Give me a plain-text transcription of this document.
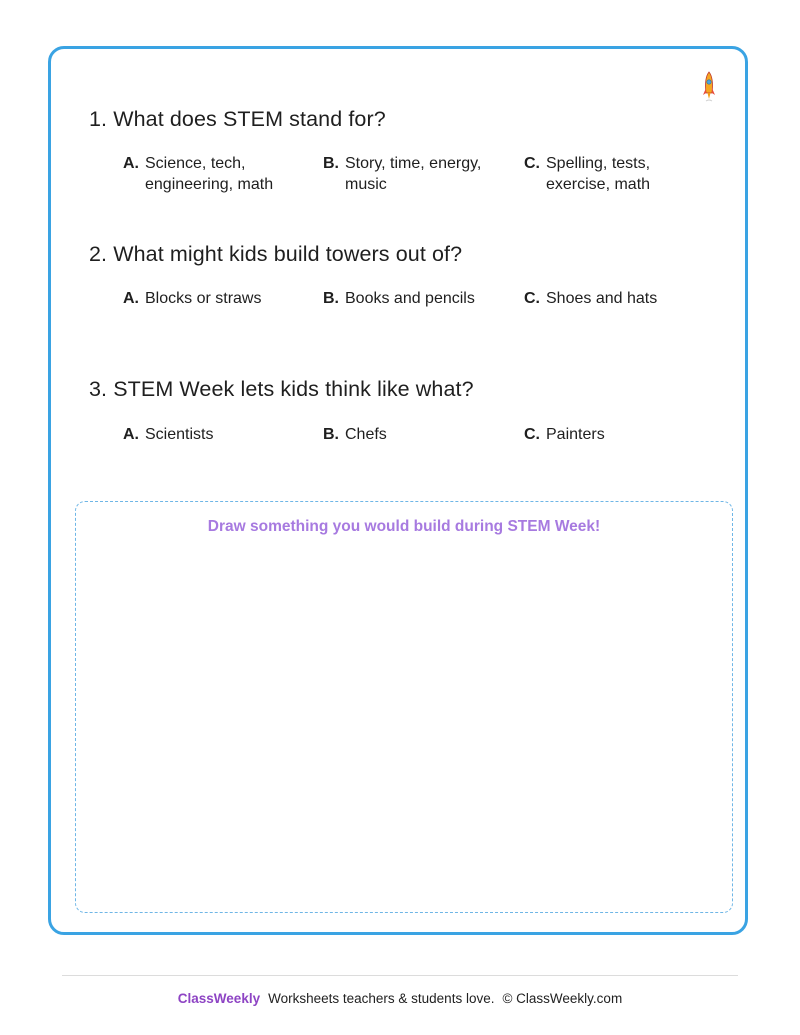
1. What does STEM stand for?
A. Science, tech, engineering, math
B. Story, time, energy, music
C. Spelling, tests, exercise, math
2. What might kids build towers out of?
A. Blocks or straws	B. Books and pencils	C. Shoes and hats
3. STEM Week lets kids think like what?
A. Scientists	B. Chefs	C. Painters
Draw something you would build during STEM Week!
ClassWeekly Worksheets teachers & students love. © ClassWeekly.com
